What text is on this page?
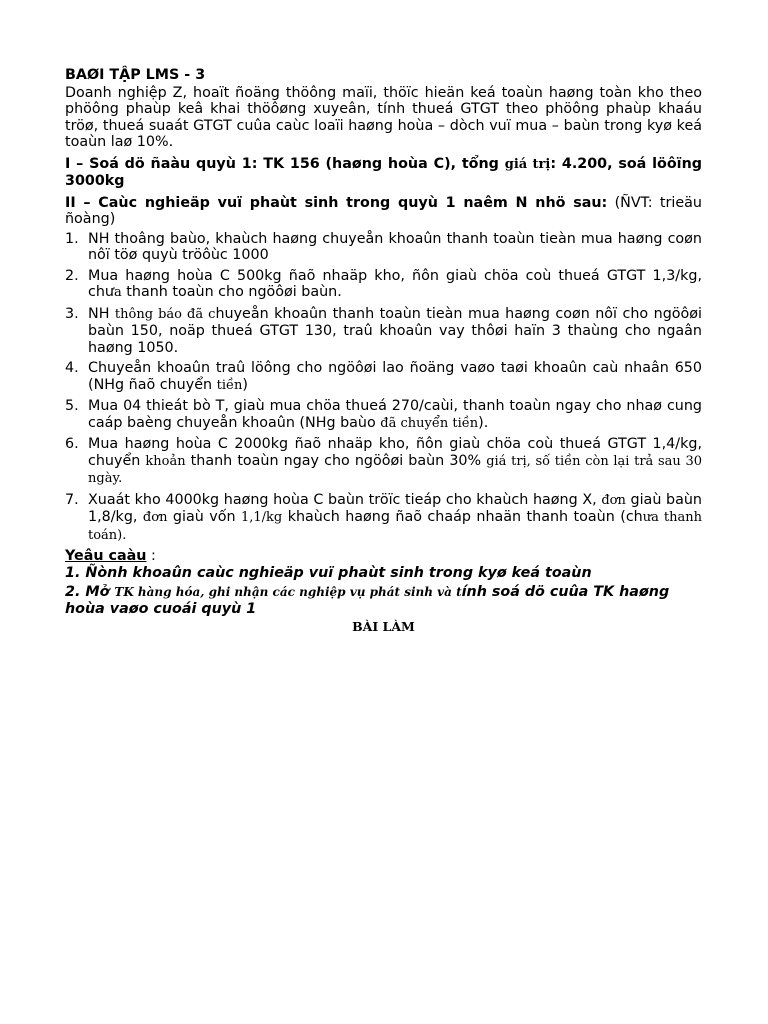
BAØI TẬP LMS - 3
Doanh nghiệp Z, hoaït ñoäng thöông maïi, thöïc hieän keá toaùn haøng toàn kho theo phöông phaùp keâ khai thöôøng xuyeân, tính thueá GTGT theo phöông phaùp khaáu tröø, thueá suaát GTGT cuûa caùc loaïi haøng hoùa – dòch vuï mua – baùn trong kyø keá toaùn laø 10%.
I – Soá dö ñaàu quyù 1: TK 156 (haøng hoùa C), tổng giá trị: 4.200, soá löôïng 3000kg
II – Caùc nghieäp vuï phaùt sinh trong quyù 1 naêm N nhö sau: (ÑVT: trieäu ñoàng)
1. NH thoâng baùo, khaùch haøng chuyeån khoaûn thanh toaùn tieàn mua haøng coøn nôï töø quyù tröôùc 1000
2. Mua haøng hoùa C 500kg ñaõ nhaäp kho, ñôn giaù chöa coù thueá GTGT 1,3/kg, chưa thanh toaùn cho ngöôøi baùn.
3. NH thông báo đã chuyeån khoaûn thanh toaùn tieàn mua haøng coøn nôï cho ngöôøi baùn 150, noäp thueá GTGT 130, traû khoaûn vay thôøi haïn 3 thaùng cho ngaân haøng 1050.
4. Chuyeån khoaûn traû löông cho ngöôøi lao ñoäng vaøo taøi khoaûn caù nhaân 650 (NHg ñaõ chuyển tiền)
5. Mua 04 thieát bò T, giaù mua chöa thueá 270/caùi, thanh toaùn ngay cho nhaø cung caáp baèng chuyeån khoaûn (NHg baùo đã chuyển tiền).
6. Mua haøng hoùa C 2000kg ñaõ nhaäp kho, ñôn giaù chöa coù thueá GTGT 1,4/kg, chuyển khoản thanh toaùn ngay cho ngöôøi baùn 30% giá trị, số tiền còn lại trả sau 30 ngày.
7. Xuaát kho 4000kg haøng hoùa C baùn tröïc tieáp cho khaùch haøng X, đơn giaù baùn 1,8/kg, đơn giaù vốn 1,1/kg khaùch haøng ñaõ chaáp nhaän thanh toaùn (chưa thanh toán).
Yeâu caàu :
1. Ñònh khoaûn caùc nghieäp vuï phaùt sinh trong kyø keá toaùn
2. Mở TK hàng hóa, ghi nhận các nghiệp vụ phát sinh và tính soá dö cuûa TK haøng hoùa vaøo cuoái quyù 1
BÀI LÀM
